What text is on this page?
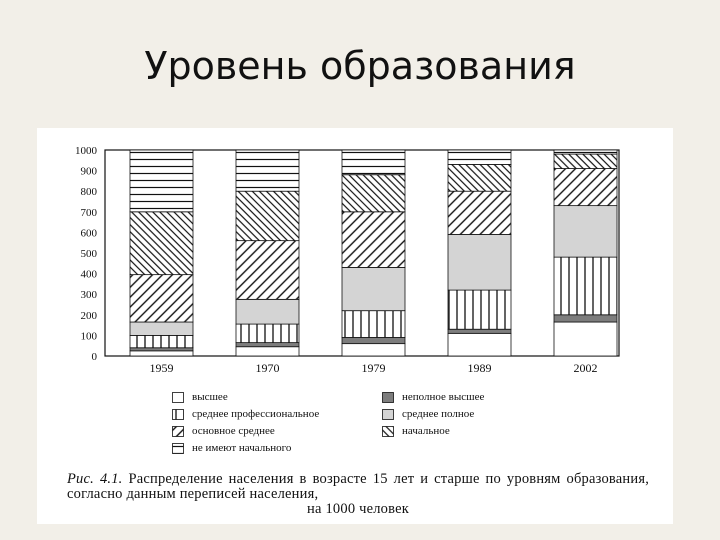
Уровень образования
0
100
200
300
400
500
600
700
800
900
1000
1959	1970	1979	1989	2002
высшее	неполное высшее
среднее профессиональное	среднее полное
основное среднее	начальное
не имеют начального
Рис. 4.1. Распределение населения в возрасте 15 лет и старше по уровням образования, согласно данным переписей населения,
на 1000 человек
